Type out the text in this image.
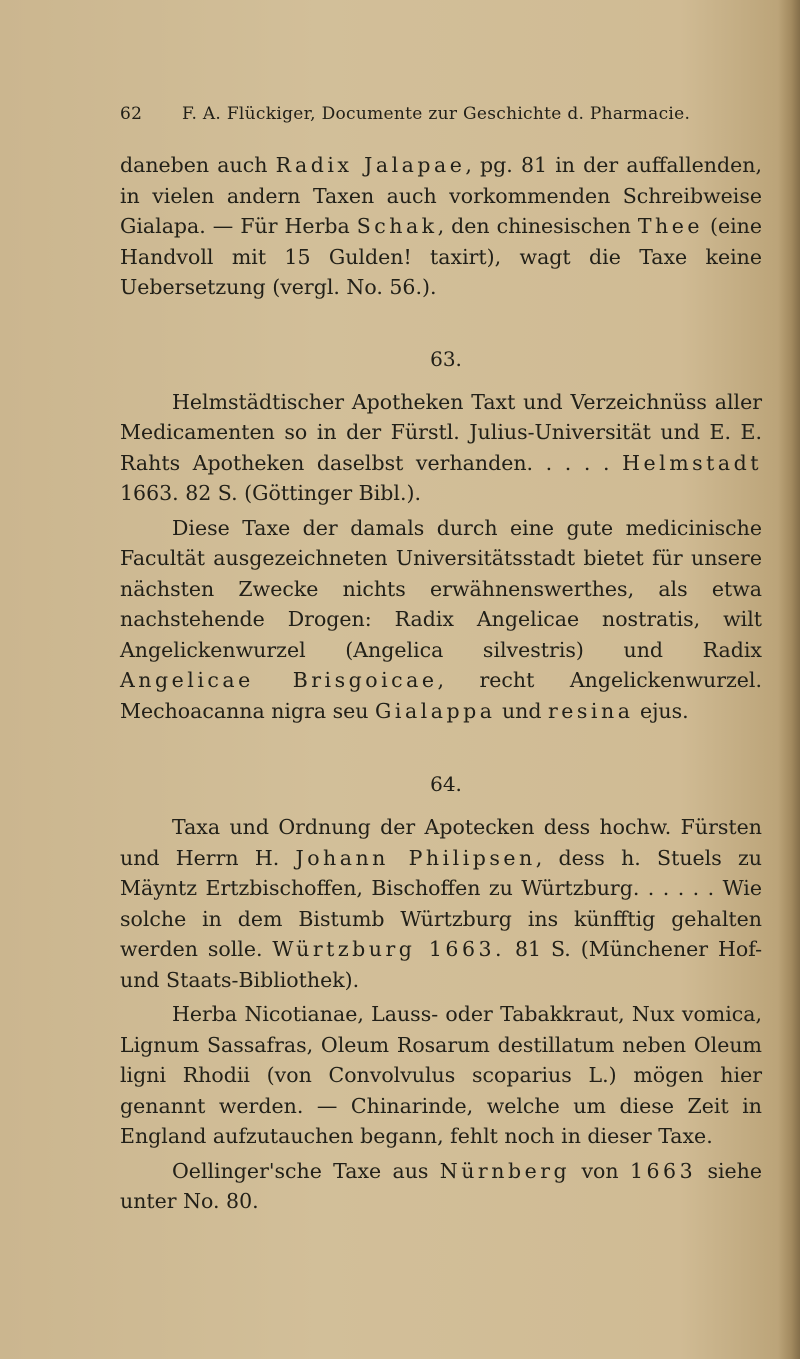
62 F. A. Flückiger, Documente zur Geschichte d. Pharmacie.

daneben auch Radix Jalapae, pg. 81 in der auffallenden, in vielen andern Taxen auch vorkommenden Schreibweise Gialapa. — Für Herba Schak, den chinesischen Thee (eine Handvoll mit 15 Gulden! taxirt), wagt die Taxe keine Uebersetzung (vergl. No. 56.).

63.

Helmstädtischer Apotheken Taxt und Verzeichnüss aller Medicamenten so in der Fürstl. Julius-Universität und E. E. Rahts Apotheken daselbst verhanden. . . . . Helmstadt 1663. 82 S. (Göttinger Bibl.).

Diese Taxe der damals durch eine gute medicinische Facultät ausgezeichneten Universitätsstadt bietet für unsere nächsten Zwecke nichts erwähnenswerthes, als etwa nachstehende Drogen: Radix Angelicae nostratis, wilt Angelickenwurzel (Angelica silvestris) und Radix Angelicae Brisgoicae, recht Angelickenwurzel. Mechoacanna nigra seu Gialappa und resina ejus.

64.

Taxa und Ordnung der Apotecken dess hochw. Fürsten und Herrn H. Johann Philipsen, dess h. Stuels zu Mäyntz Ertzbischoffen, Bischoffen zu Würtzburg. . . . . . Wie solche in dem Bistumb Würtzburg ins künfftig gehalten werden solle. Würtzburg 1663. 81 S. (Münchener Hof- und Staats-Bibliothek).

Herba Nicotianae, Lauss- oder Tabakkraut, Nux vomica, Lignum Sassafras, Oleum Rosarum destillatum neben Oleum ligni Rhodii (von Convolvulus scoparius L.) mögen hier genannt werden. — Chinarinde, welche um diese Zeit in England aufzutauchen begann, fehlt noch in dieser Taxe.

Oellinger'sche Taxe aus Nürnberg von 1663 siehe unter No. 80.
